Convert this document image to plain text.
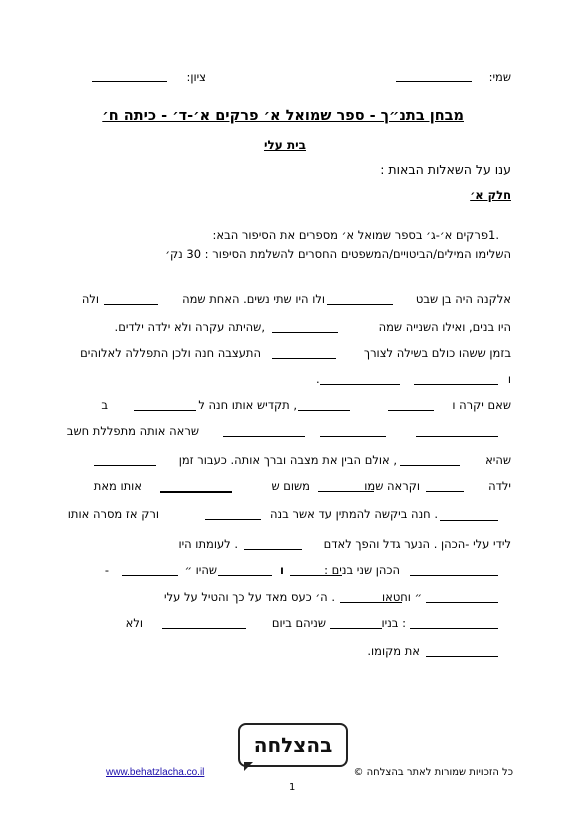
שמי:
ציון:
מבחן בתנ״ך - ספר שמואל א׳ פרקים א׳-ד׳ - כיתה ח׳
בית עלי
ענו על השאלות הבאות :
חלק א׳
1.
פרקים א׳-ג׳ בספר שמואל א׳ מספרים את הסיפור הבא:
השלימו המילים/הביטויים/המשפטים החסרים להשלמת הסיפור : 30 נק׳
אלקנה היה בן שבט
ולו היו שתי נשים. האחת שמה
ולה
היו בנים, ואילו השנייה שמה
,שהיתה עקרה ולא ילדה ילדים.
בזמן ששהו כולם בשילה לצורך
התעצבה חנה ולכן התפללה לאלוהים
ו
.
שאם יקרה ו
, תקדיש אותו חנה ל
ב
שראה אותה מתפללת חשב
שהיא
, אולם הבין את מצבה וברך אותה. כעבור זמן
ילדה
וקראה שמו
משום ש
אותו מאת
. חנה ביקשה להמתין עד אשר בנה
ורק אז מסרה אותו
לידי עלי -הכהן . הנער גדל והפך לאדם
. לעומתו היו
הכהן שני בנים :
ו
שהיו ״
-
״ וחטאו
. ה׳ כעס מאד על כך והטיל על עלי
: בניו
שניהם ביום
ולא
את מקומו.
בהצלחה
www.behatzlacha.co.il	כל הזכויות שמורות לאתר בהצלחה ©
1
